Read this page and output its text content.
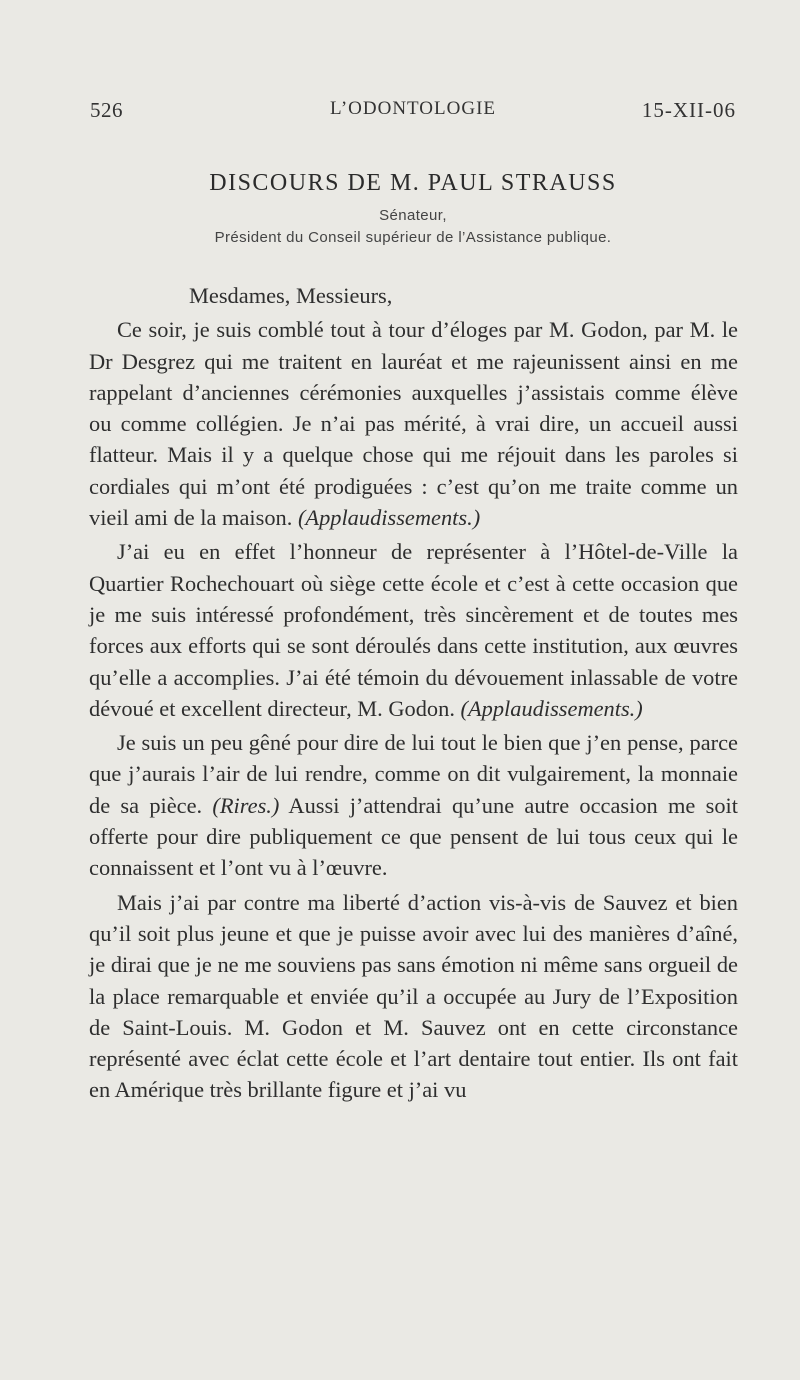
526	L’ODONTOLOGIE	15-XII-06
DISCOURS DE M. PAUL STRAUSS
Sénateur,
Président du Conseil supérieur de l’Assistance publique.

Mesdames, Messieurs,

Ce soir, je suis comblé tout à tour d’éloges par M. Godon, par M. le Dr Desgrez qui me traitent en lauréat et me rajeunissent ainsi en me rappelant d’anciennes cérémonies auxquelles j’assistais comme élève ou comme collégien. Je n’ai pas mérité, à vrai dire, un accueil aussi flatteur. Mais il y a quelque chose qui me réjouit dans les paroles si cordiales qui m’ont été prodiguées : c’est qu’on me traite comme un vieil ami de la maison. (Applaudissements.)

J’ai eu en effet l’honneur de représenter à l’Hôtel-de-Ville la Quartier Rochechouart où siège cette école et c’est à cette occasion que je me suis intéressé profondément, très sincèrement et de toutes mes forces aux efforts qui se sont déroulés dans cette institution, aux œuvres qu’elle a accomplies. J’ai été témoin du dévouement inlassable de votre dévoué et excellent directeur, M. Godon. (Applaudissements.)

Je suis un peu gêné pour dire de lui tout le bien que j’en pense, parce que j’aurais l’air de lui rendre, comme on dit vulgairement, la monnaie de sa pièce. (Rires.) Aussi j’attendrai qu’une autre occasion me soit offerte pour dire publiquement ce que pensent de lui tous ceux qui le connaissent et l’ont vu à l’œuvre.

Mais j’ai par contre ma liberté d’action vis-à-vis de Sauvez et bien qu’il soit plus jeune et que je puisse avoir avec lui des manières d’aîné, je dirai que je ne me souviens pas sans émotion ni même sans orgueil de la place remarquable et enviée qu’il a occupée au Jury de l’Exposition de Saint-Louis. M. Godon et M. Sauvez ont en cette circonstance représenté avec éclat cette école et l’art dentaire tout entier. Ils ont fait en Amérique très brillante figure et j’ai vu
